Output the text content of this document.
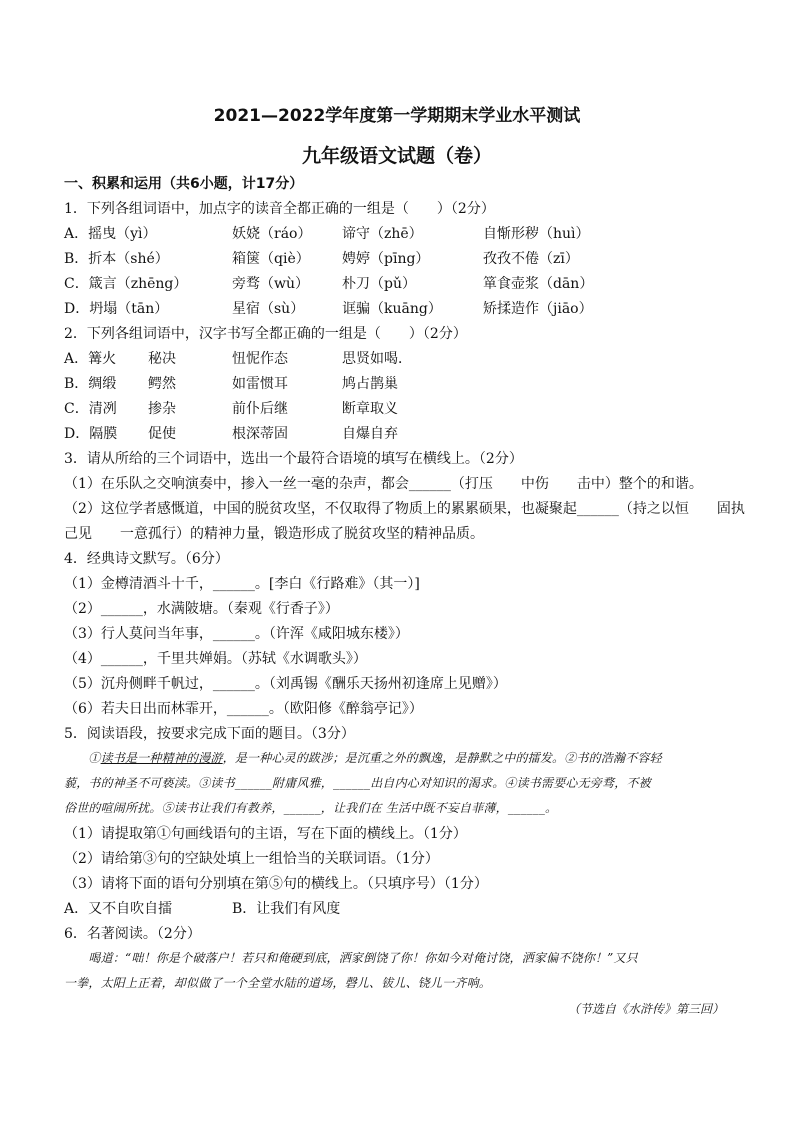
2021—2022学年度第一学期期末学业水平测试
九年级语文试题（卷）
一、积累和运用（共6小题，计17分）
1．下列各组词语中，加点字的读音全都正确的一组是（　　）（2分）
A．摇曳（yì）	妖娆（ráo） 谛守（zhē）	自惭形秽（huì）
B．折本（shé）	箱箧（qiè） 娉婷（pīng）	孜孜不倦（zī）
C．箴言（zhēng）	旁骛（wù） 朴刀（pǔ）	箪食壶浆（dān）
D．坍塌（tān）	星宿（sù）	诓骗（kuāng）	矫揉造作（jiāo）
2．下列各组词语中，汉字书写全都正确的一组是（　　）（2分）
A．篝火 秘决	忸怩作态	思贤如喝．
B．绸缎 鳄然	如雷惯耳	鸠占鹊巢
C．清冽 掺杂	前仆后继	断章取义
D．隔膜 促使	根深蒂固	自爆自弃
3．请从所给的三个词语中，选出一个最符合语境的填写在横线上。（2分）
（1）在乐队之交响演奏中，掺入一丝一毫的杂声，都会______（打压　　中伤　　击中）整个的和谐。
（2）这位学者感慨道，中国的脱贫攻坚，不仅取得了物质上的累累硕果，也凝聚起______（持之以恒　　固执
己见　　一意孤行）的精神力量，锻造形成了脱贫攻坚的精神品质。
4．经典诗文默写。（6分）
（1）金樽清酒斗十千，______。[李白《行路难》（其一）]
（2）______，水满陂塘。（秦观《行香子》）
（3）行人莫问当年事，______。（许浑《咸阳城东楼》）
（4）______，千里共婵娟。（苏轼《水调歌头》）
（5）沉舟侧畔千帆过，______。（刘禹锡《酬乐天扬州初逢席上见赠》）
（6）若夫日出而林霏开，______。（欧阳修《醉翁亭记》）
5．阅读语段，按要求完成下面的题目。（3分）
　　①读书是一种精神的漫游，是一种心灵的跋涉；是沉重之外的飘逸，是静默之中的擂发。②书的浩瀚不容轻
藐，书的神圣不可亵渎。③读书______附庸风雅，______出自内心对知识的渴求。④读书需要心无旁骛，不被
俗世的喧闹所扰。⑤读书让我们有教养，______，让我们在 生活中既不妄自菲薄，______。
（1）请提取第①句画线语句的主语，写在下面的横线上。（1分）
（2）请给第③句的空缺处填上一组恰当的关联词语。（1分）
（3）请将下面的语句分别填在第⑤句的横线上。（只填序号）（1分）
A．又不自吹自擂	B．让我们有风度
6．名著阅读。（2分）
　　喝道：“咄！你是个破落户！若只和俺硬到底，洒家倒饶了你！你如今对俺讨饶，洒家偏不饶你！”又只
一拳，太阳上正着，却似做了一个全堂水陆的道场，磬儿、钹儿、铙儿一齐响。
（节选自《水浒传》第三回）
